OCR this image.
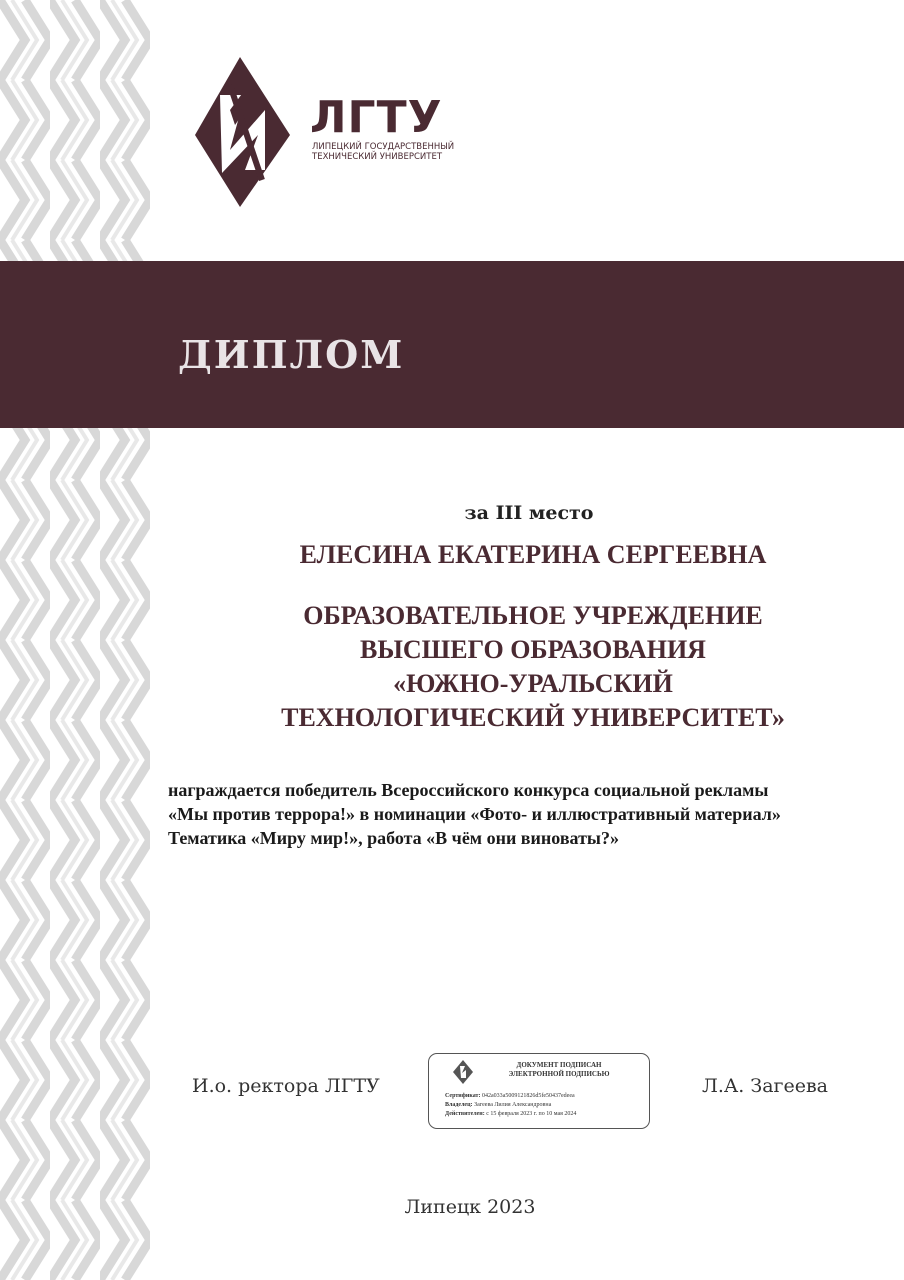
ЛГТУ
ЛИПЕЦКИЙ ГОСУДАРСТВЕННЫЙ
ТЕХНИЧЕСКИЙ УНИВЕРСИТЕТ
ДИПЛОМ
за III место
ЕЛЕСИНА ЕКАТЕРИНА СЕРГЕЕВНА
ОБРАЗОВАТЕЛЬНОЕ УЧРЕЖДЕНИЕ
ВЫСШЕГО ОБРАЗОВАНИЯ
«ЮЖНО-УРАЛЬСКИЙ
ТЕХНОЛОГИЧЕСКИЙ УНИВЕРСИТЕТ»
награждается победитель Всероссийского конкурса социальной рекламы
«Мы против террора!» в номинации «Фото- и иллюстративный материал»
Тематика «Миру мир!», работа «В чём они виноваты?»
И.о. ректора ЛГТУ
ДОКУМЕНТ ПОДПИСАН
ЭЛЕКТРОННОЙ ПОДПИСЬЮ
Сертификат: 042a033a5009121826d5fe50437edeea
Владелец: Загеева Лилия Александровна
Действителен: с 15 февраля 2023 г. по 10 мая 2024
Л.А. Загеева
Липецк 2023
